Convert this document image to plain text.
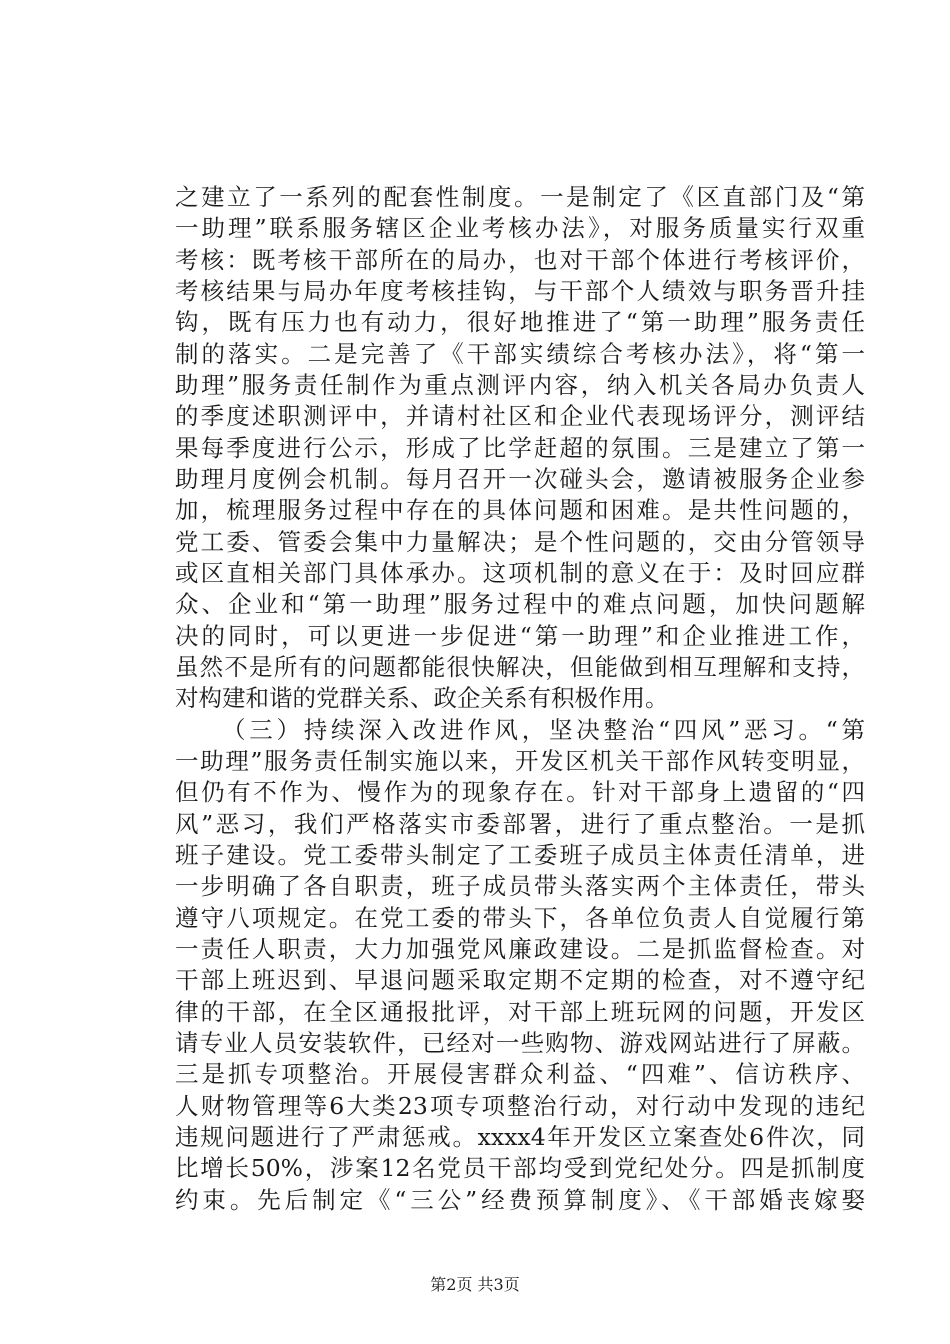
之建立了一系列的配套性制度。一是制定了《区直部门及“第
一助理”联系服务辖区企业考核办法》，对服务质量实行双重
考核：既考核干部所在的局办，也对干部个体进行考核评价，
考核结果与局办年度考核挂钩，与干部个人绩效与职务晋升挂
钩，既有压力也有动力，很好地推进了“第一助理”服务责任
制的落实。二是完善了《干部实绩综合考核办法》，将“第一
助理”服务责任制作为重点测评内容，纳入机关各局办负责人
的季度述职测评中，并请村社区和企业代表现场评分，测评结
果每季度进行公示，形成了比学赶超的氛围。三是建立了第一
助理月度例会机制。每月召开一次碰头会，邀请被服务企业参
加，梳理服务过程中存在的具体问题和困难。是共性问题的，
党工委、管委会集中力量解决；是个性问题的，交由分管领导
或区直相关部门具体承办。这项机制的意义在于：及时回应群
众、企业和“第一助理”服务过程中的难点问题，加快问题解
决的同时，可以更进一步促进“第一助理”和企业推进工作，
虽然不是所有的问题都能很快解决，但能做到相互理解和支持，
对构建和谐的党群关系、政企关系有积极作用。
（三）持续深入改进作风，坚决整治“四风”恶习。“第
一助理”服务责任制实施以来，开发区机关干部作风转变明显，
但仍有不作为、慢作为的现象存在。针对干部身上遗留的“四
风”恶习，我们严格落实市委部署，进行了重点整治。一是抓
班子建设。党工委带头制定了工委班子成员主体责任清单，进
一步明确了各自职责，班子成员带头落实两个主体责任，带头
遵守八项规定。在党工委的带头下，各单位负责人自觉履行第
一责任人职责，大力加强党风廉政建设。二是抓监督检查。对
干部上班迟到、早退问题采取定期不定期的检查，对不遵守纪
律的干部，在全区通报批评，对干部上班玩网的问题，开发区
请专业人员安装软件，已经对一些购物、游戏网站进行了屏蔽。
三是抓专项整治。开展侵害群众利益、“四难”、信访秩序、
人财物管理等6大类23项专项整治行动，对行动中发现的违纪
违规问题进行了严肃惩戒。xxxx4年开发区立案查处6件次，同
比增长50%，涉案12名党员干部均受到党纪处分。四是抓制度
约束。先后制定《“三公”经费预算制度》、《干部婚丧嫁娶
第2页 共3页
